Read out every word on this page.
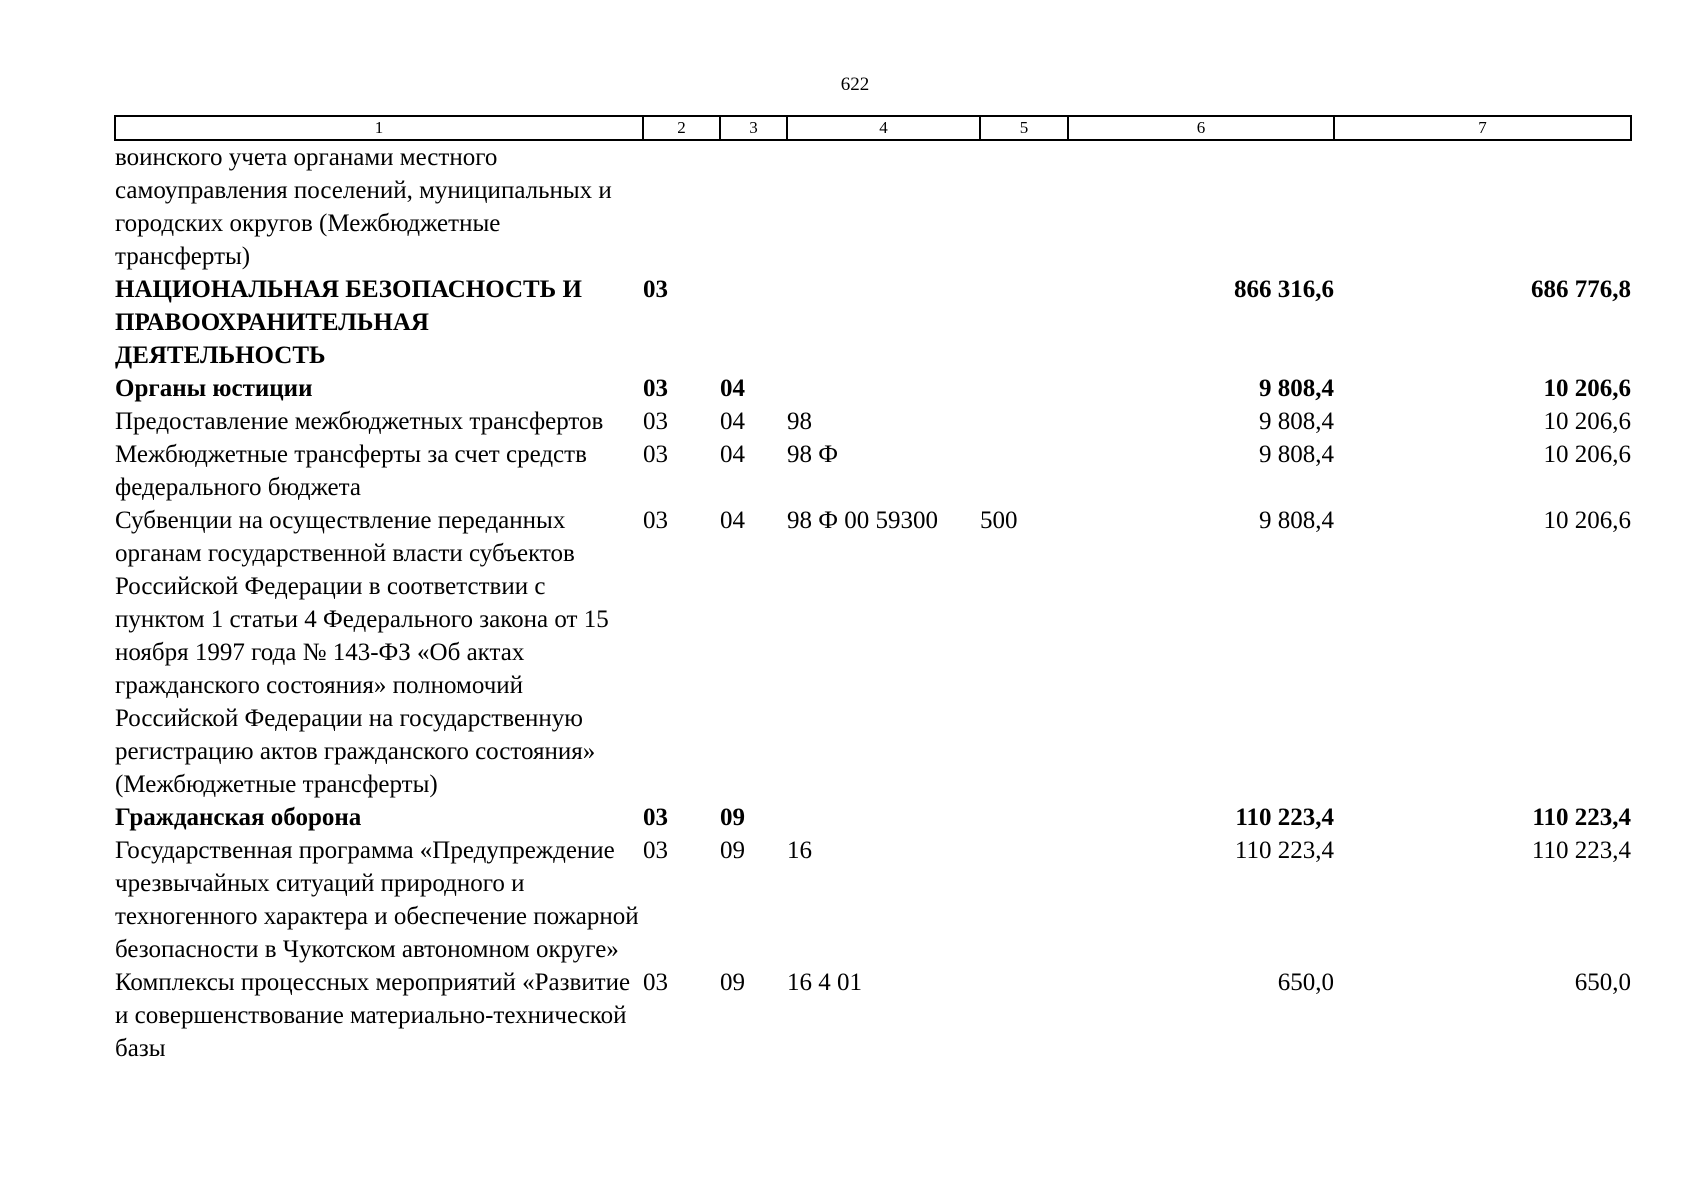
622
1	2	3	4	5	6	7
воинского учета органами местного самоуправления поселений, муниципальных и городских округов (Межбюджетные трансферты)						
НАЦИОНАЛЬНАЯ БЕЗОПАСНОСТЬ И ПРАВООХРАНИТЕЛЬНАЯ ДЕЯТЕЛЬНОСТЬ	03				866 316,6	686 776,8
Органы юстиции	03	04			9 808,4	10 206,6
Предоставление межбюджетных трансфертов	03	04	98		9 808,4	10 206,6
Межбюджетные трансферты за счет средств федерального бюджета	03	04	98 Ф		9 808,4	10 206,6
Субвенции на осуществление переданных органам государственной власти субъектов Российской Федерации в соответствии с пунктом 1 статьи 4 Федерального закона от 15 ноября 1997 года № 143-ФЗ «Об актах гражданского состояния» полномочий Российской Федерации на государственную регистрацию актов гражданского состояния» (Межбюджетные трансферты)	03	04	98 Ф 00 59300	500	9 808,4	10 206,6
Гражданская оборона	03	09			110 223,4	110 223,4
Государственная программа «Предупреждение чрезвычайных ситуаций природного и техногенного характера и обеспечение пожарной безопасности в Чукотском автономном округе»	03	09	16		110 223,4	110 223,4
Комплексы процессных мероприятий «Развитие и совершенствование материально-технической базы	03	09	16 4 01		650,0	650,0
